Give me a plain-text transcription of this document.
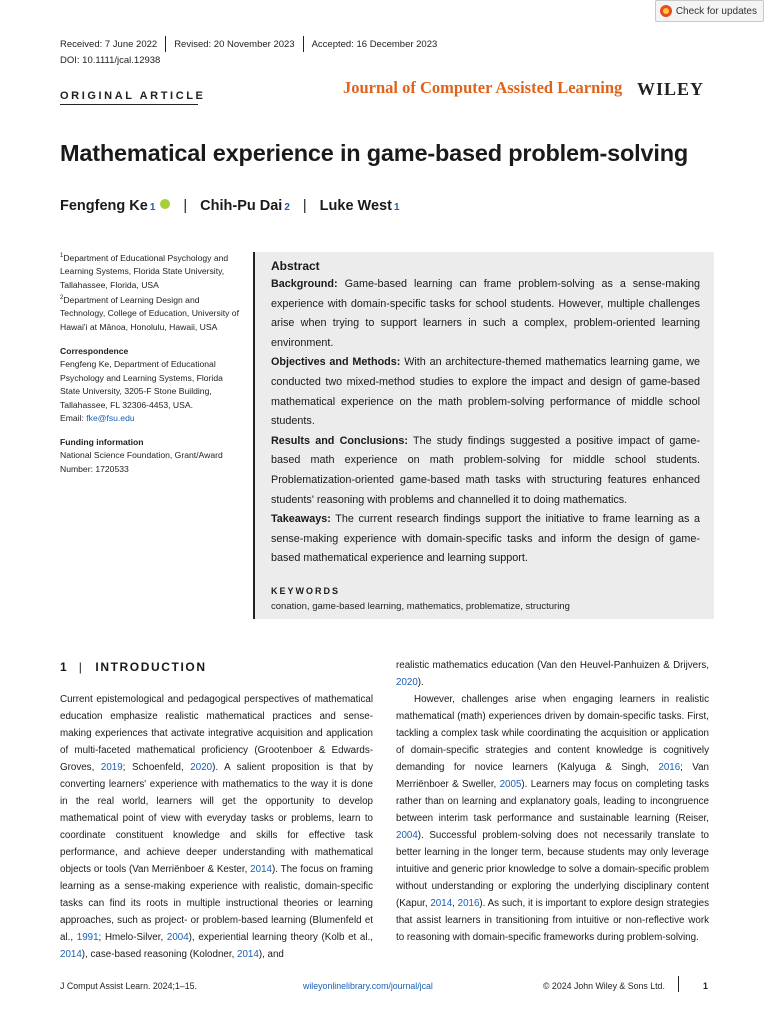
Check for updates
Received: 7 June 2022 Revised: 20 November 2023 Accepted: 16 December 2023
DOI: 10.1111/jcal.12938
ORIGINAL ARTICLE	Journal of Computer Assisted Learning WILEY
Mathematical experience in game-based problem-solving
Fengfeng Ke 1 | Chih-Pu Dai 2 | Luke West 1
$^1$Department of Educational Psychology and Learning Systems, Florida State University, Tallahassee, Florida, USA
$^2$Department of Learning Design and Technology, College of Education, University of Hawai'i at Mānoa, Honolulu, Hawaii, USA
Correspondence
Fengfeng Ke, Department of Educational Psychology and Learning Systems, Florida State University, 3205-F Stone Building, Tallahassee, FL 32306-4453, USA.
Email: fke@fsu.edu
Funding information
National Science Foundation, Grant/Award Number: 1720533
Abstract
Background: Game-based learning can frame problem-solving as a sense-making experience with domain-specific tasks for school students. However, multiple challenges arise when trying to support learners in such a complex, problem-oriented learning environment.
Objectives and Methods: With an architecture-themed mathematics learning game, we conducted two mixed-method studies to explore the impact and design of game-based mathematical experience on the math problem-solving performance of middle school students.
Results and Conclusions: The study findings suggested a positive impact of game-based math experience on math problem-solving for middle school students. Problematization-oriented game-based math tasks with structuring features enhanced students' reasoning with problems and channelled it to doing mathematics.
Takeaways: The current research findings support the initiative to frame learning as a sense-making experience with domain-specific tasks and inform the design of game-based mathematical experience and learning support.
KEYWORDS
conation, game-based learning, mathematics, problematize, structuring
1 | INTRODUCTION

Current epistemological and pedagogical perspectives of mathematical education emphasize realistic mathematical practices and sense-making experiences that activate integrative acquisition and application of multi-faceted mathematical proficiency (Grootenboer & Edwards-Groves, 2019; Schoenfeld, 2020). A salient proposition is that by converting learners' experience with mathematics to the way it is done in the real world, learners will get the opportunity to develop mathematical point of view with everyday tasks or problems, learn to coordinate constituent knowledge and skills for effective task performance, and achieve deeper understanding with mathematical objects or tools (Van Merriënboer & Kester, 2014). The focus on framing learning as a sense-making experience with realistic, domain-specific tasks can find its roots in multiple instructional theories or learning approaches, such as project- or problem-based learning (Blumenfeld et al., 1991; Hmelo-Silver, 2004), experiential learning theory (Kolb et al., 2014), case-based reasoning (Kolodner, 2014), and

realistic mathematics education (Van den Heuvel-Panhuizen & Drijvers, 2020).

However, challenges arise when engaging learners in realistic mathematical (math) experiences driven by domain-specific tasks. First, tackling a complex task while coordinating the acquisition or application of domain-specific strategies and content knowledge is cognitively demanding for novice learners (Kalyuga & Singh, 2016; Van Merriënboer & Sweller, 2005). Learners may focus on completing tasks rather than on learning and explanatory goals, leading to incongruence between interim task performance and sustainable learning (Reiser, 2004). Successful problem-solving does not necessarily translate to better learning in the longer term, because students may only leverage intuitive and generic prior knowledge to solve a domain-specific problem without understanding or exploring the underlying disciplinary content (Kapur, 2014, 2016). As such, it is important to explore design strategies that assist learners in transitioning from intuitive or non-reflective work to reasoning with domain-specific frameworks during problem-solving.

J Comput Assist Learn. 2024;1–15.	wileyonlinelibrary.com/journal/jcal	© 2024 John Wiley & Sons Ltd.	1
